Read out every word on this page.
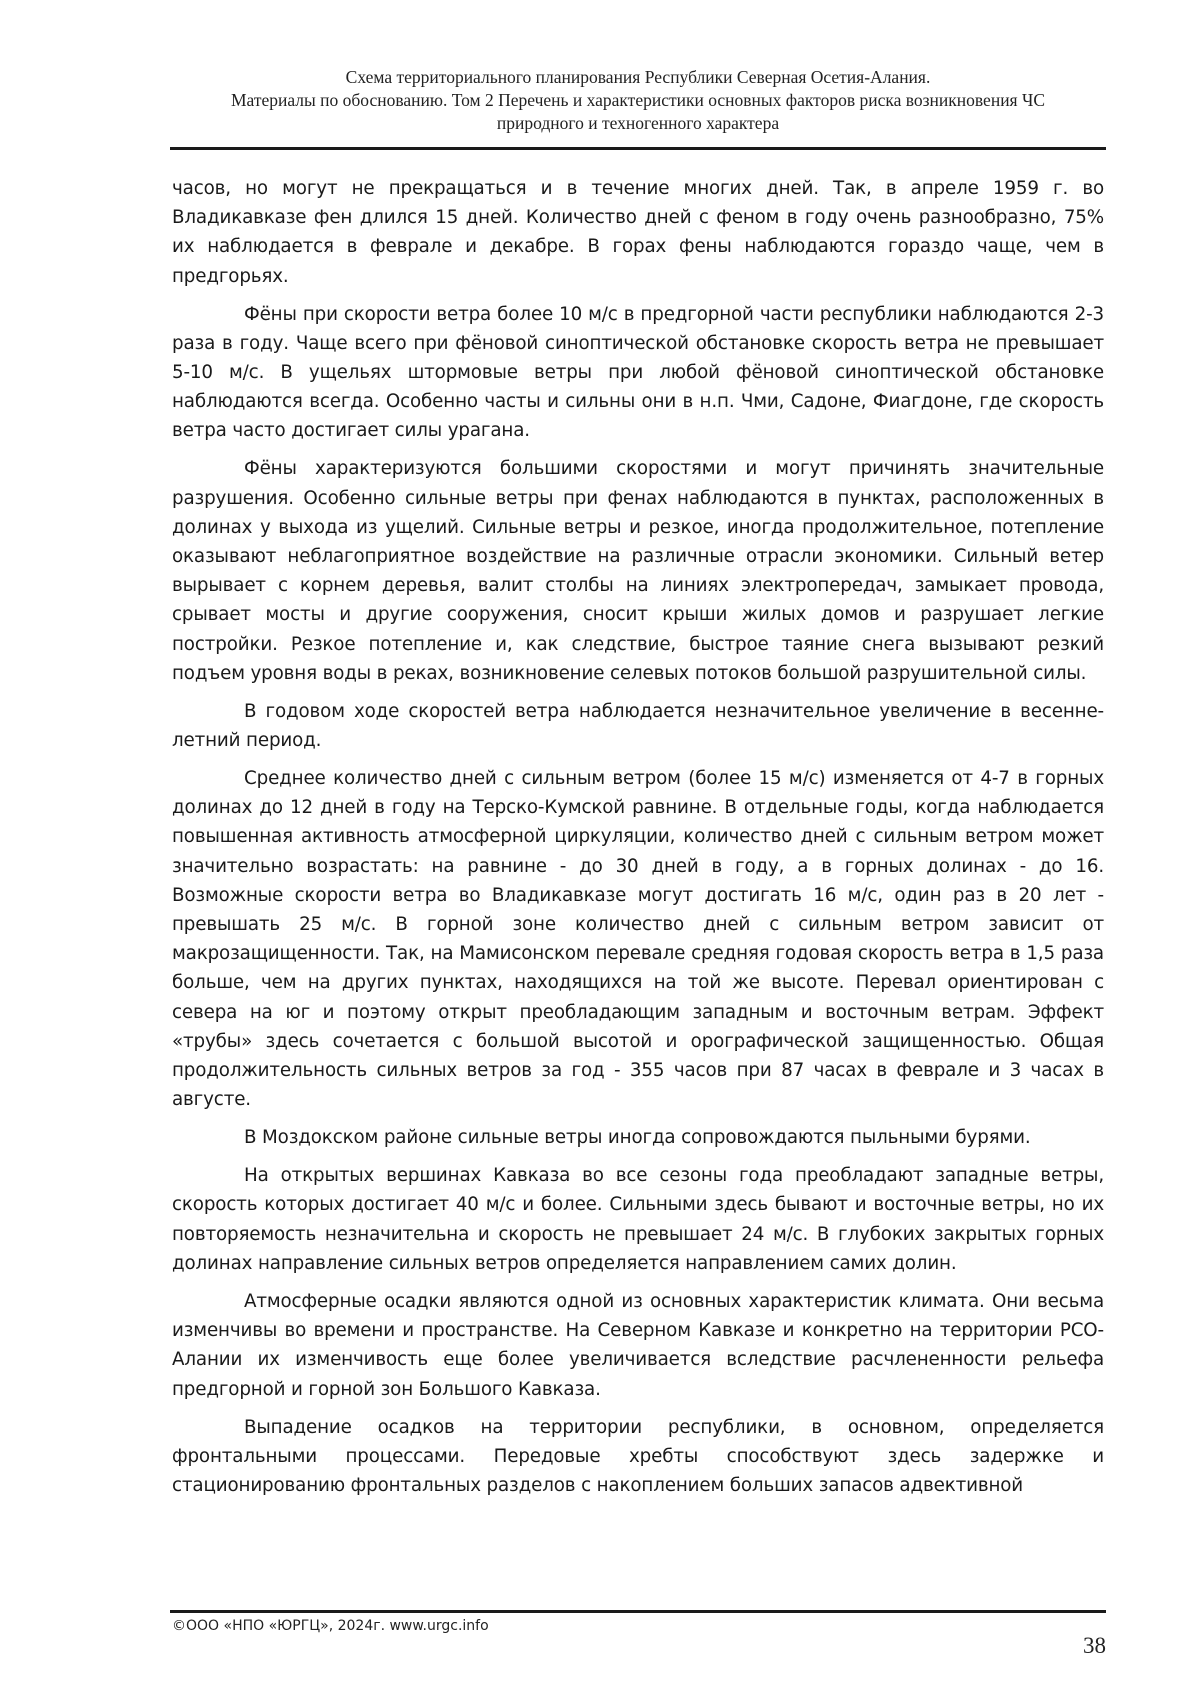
Схема территориального планирования Республики Северная Осетия-Алания.
Материалы по обоснованию. Том 2 Перечень и характеристики основных факторов риска возникновения ЧС
природного и техногенного характера

часов, но могут не прекращаться и в течение многих дней. Так, в апреле 1959 г. во Владикавказе фен длился 15 дней. Количество дней с феном в году очень разнообразно, 75% их наблюдается в феврале и декабре. В горах фены наблюдаются гораздо чаще, чем в предгорьях.

Фёны при скорости ветра более 10 м/с в предгорной части республики наблюдаются 2-3 раза в году. Чаще всего при фёновой синоптической обстановке скорость ветра не превышает 5-10 м/с. В ущельях штормовые ветры при любой фёновой синоптической обстановке наблюдаются всегда. Особенно часты и сильны они в н.п. Чми, Садоне, Фиагдоне, где скорость ветра часто достигает силы урагана.

Фёны характеризуются большими скоростями и могут причинять значительные разрушения. Особенно сильные ветры при фенах наблюдаются в пунктах, расположенных в долинах у выхода из ущелий. Сильные ветры и резкое, иногда продолжительное, потепление оказывают неблагоприятное воздействие на различные отрасли экономики. Сильный ветер вырывает с корнем деревья, валит столбы на линиях электропередач, замыкает провода, срывает мосты и другие сооружения, сносит крыши жилых домов и разрушает легкие постройки. Резкое потепление и, как следствие, быстрое таяние снега вызывают резкий подъем уровня воды в реках, возникновение селевых потоков большой разрушительной силы.

В годовом ходе скоростей ветра наблюдается незначительное увеличение в весенне-летний период.

Среднее количество дней с сильным ветром (более 15 м/с) изменяется от 4-7 в горных долинах до 12 дней в году на Терско-Кумской равнине. В отдельные годы, когда наблюдается повышенная активность атмосферной циркуляции, количество дней с сильным ветром может значительно возрастать: на равнине - до 30 дней в году, а в горных долинах - до 16. Возможные скорости ветра во Владикавказе могут достигать 16 м/с, один раз в 20 лет - превышать 25 м/с. В горной зоне количество дней с сильным ветром зависит от макрозащищенности. Так, на Мамисонском перевале средняя годовая скорость ветра в 1,5 раза больше, чем на других пунктах, находящихся на той же высоте. Перевал ориентирован с севера на юг и поэтому открыт преобладающим западным и восточным ветрам. Эффект «трубы» здесь сочетается с большой высотой и орографической защищенностью. Общая продолжительность сильных ветров за год - 355 часов при 87 часах в феврале и 3 часах в августе.

В Моздокском районе сильные ветры иногда сопровождаются пыльными бурями.

На открытых вершинах Кавказа во все сезоны года преобладают западные ветры, скорость которых достигает 40 м/с и более. Сильными здесь бывают и восточные ветры, но их повторяемость незначительна и скорость не превышает 24 м/с. В глубоких закрытых горных долинах направление сильных ветров определяется направлением самих долин.

Атмосферные осадки являются одной из основных характеристик климата. Они весьма изменчивы во времени и пространстве. На Северном Кавказе и конкретно на территории РСО-Алании их изменчивость еще более увеличивается вследствие расчлененности рельефа предгорной и горной зон Большого Кавказа.

Выпадение осадков на территории республики, в основном, определяется фронтальными процессами. Передовые хребты способствуют здесь задержке и стационированию фронтальных разделов с накоплением больших запасов адвективной

©ООО «НПО «ЮРГЦ», 2024г. www.urgc.info
38
